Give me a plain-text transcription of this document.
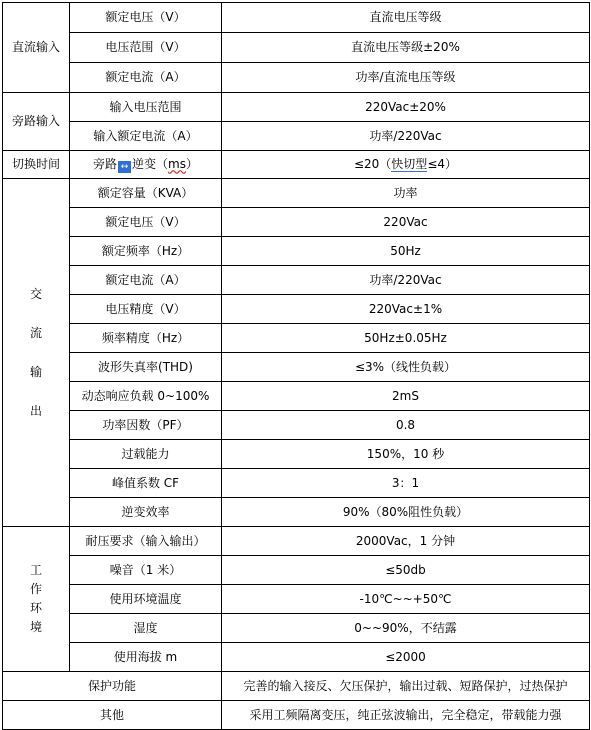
直流输入	额定电压（V）	直流电压等级
	电压范围（V）	直流电压等级±20%
	额定电流（A）	功率/直流电压等级
旁路输入	输入电压范围	220Vac±20%
	输入额定电流（A）	功率/220Vac
切换时间	旁路 ↔ 逆变（ms）	≤20（快切型≤4）

交
流
输
出	额定容量（KVA）	功率
	额定电压（V）	220Vac
	额定频率（Hz）	50Hz
	额定电流（A）	功率/220Vac
	电压精度（V）	220Vac±1%
	频率精度（Hz）	50Hz±0.05Hz
	波形失真率(THD)	≤3%（线性负载）
	动态响应负载 0~100%	2mS
	功率因数（PF）	0.8
	过载能力	150%，10 秒
	峰值系数 CF	3：1
	逆变效率	90%（80%阻性负载）

工
作
环
境	耐压要求（输入输出）	2000Vac，1 分钟
	噪音（1 米）	≤50db
	使用环境温度	-10℃~~+50℃
	湿度	0~~90%，不结露
	使用海拔 m	≤2000
保护功能		完善的输入接反、欠压保护，输出过载、短路保护，过热保护
其他		采用工频隔离变压，纯正弦波输出，完全稳定，带载能力强
